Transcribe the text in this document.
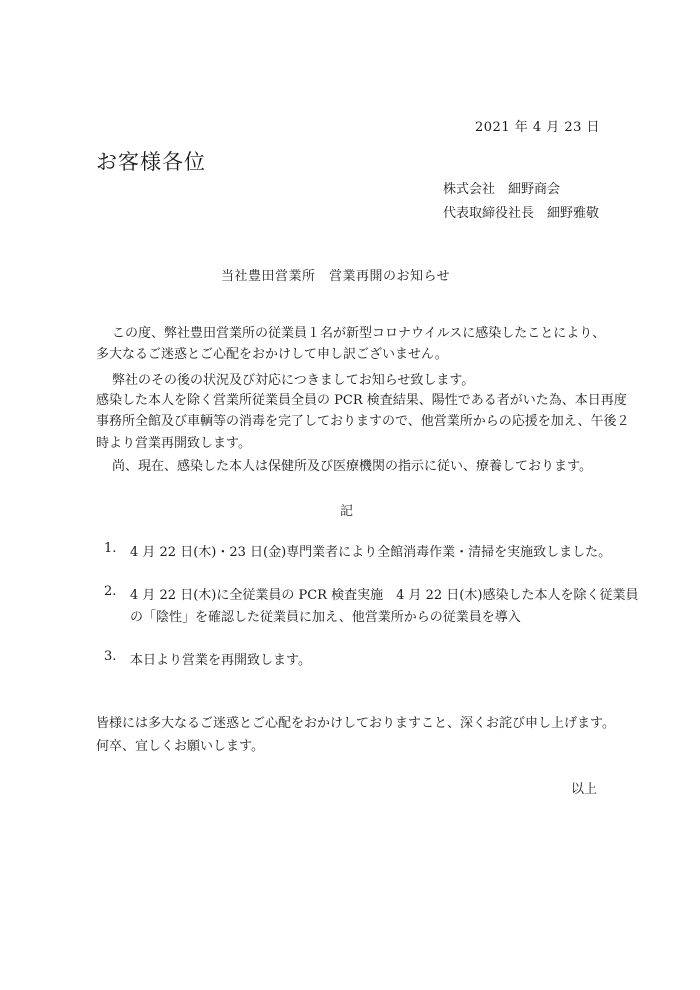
2021 年 4 月 23 日
お客様各位
株式会社　細野商会
代表取締役社長　細野雅敬
当社豊田営業所　営業再開のお知らせ
この度、弊社豊田営業所の従業員１名が新型コロナウイルスに感染したことにより、
多大なるご迷惑とご心配をおかけして申し訳ございません。
弊社のその後の状況及び対応につきましてお知らせ致します。
感染した本人を除く営業所従業員全員の PCR 検査結果、陽性である者がいた為、本日再度
事務所全館及び車輌等の消毒を完了しておりますので、他営業所からの応援を加え、午後２
時より営業再開致します。
尚、現在、感染した本人は保健所及び医療機関の指示に従い、療養しております。
記
1. 4 月 22 日(木)・23 日(金)専門業者により全館消毒作業・清掃を実施致しました。
2. 4 月 22 日(木)に全従業員の PCR 検査実施　4 月 22 日(木)感染した本人を除く従業員
の「陰性」を確認した従業員に加え、他営業所からの従業員を導入
3. 本日より営業を再開致します。
皆様には多大なるご迷惑とご心配をおかけしておりますこと、深くお詫び申し上げます。
何卒、宜しくお願いします。
以上
